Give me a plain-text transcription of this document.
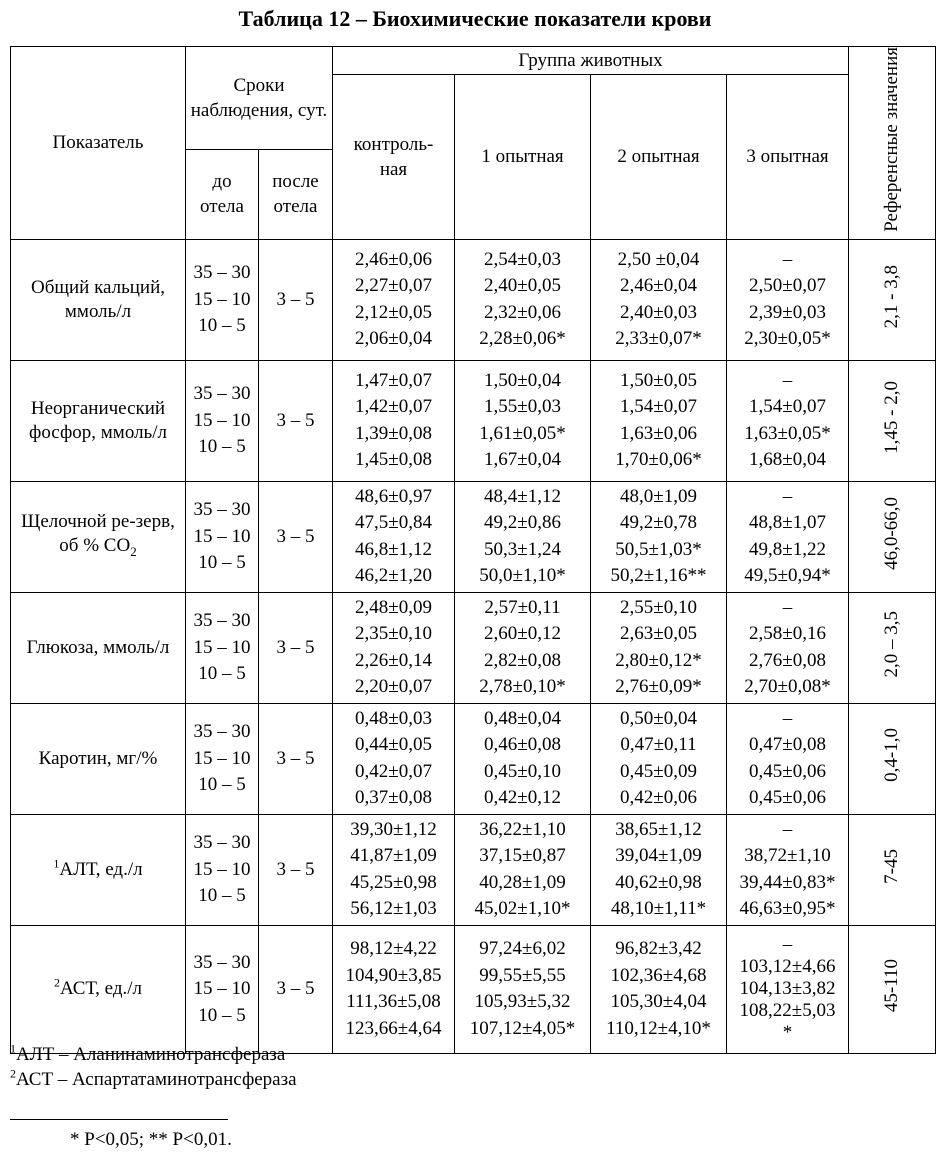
Таблица 12 – Биохимические показатели крови
Показатель	Сроки наблюдения, сут.		Группа животных				Референсные значения
			контроль-ная	1 опытная	2 опытная	3 опытная	
	до отела	после отела					
Общий кальций, ммоль/л	35 – 30
15 – 10
10 – 5	3 – 5	2,46±0,06
2,27±0,07
2,12±0,05
2,06±0,04	2,54±0,03
2,40±0,05
2,32±0,06
2,28±0,06*	2,50 ±0,04
2,46±0,04
2,40±0,03
2,33±0,07*	–
2,50±0,07
2,39±0,03
2,30±0,05*	2,1 - 3,8
Неорганический фосфор, ммоль/л	35 – 30
15 – 10
10 – 5	3 – 5	1,47±0,07
1,42±0,07
1,39±0,08
1,45±0,08	1,50±0,04
1,55±0,03
1,61±0,05*
1,67±0,04	1,50±0,05
1,54±0,07
1,63±0,06
1,70±0,06*	–
1,54±0,07
1,63±0,05*
1,68±0,04	1,45 - 2,0
Щелочной ре-зерв,
об % $CO_2$	35 – 30
15 – 10
10 – 5	3 – 5	48,6±0,97
47,5±0,84
46,8±1,12
46,2±1,20	48,4±1,12
49,2±0,86
50,3±1,24
50,0±1,10*	48,0±1,09
49,2±0,78
50,5±1,03*
50,2±1,16**	–
48,8±1,07
49,8±1,22
49,5±0,94*	46,0-66,0
Глюкоза, ммоль/л	35 – 30
15 – 10
10 – 5	3 – 5	2,48±0,09
2,35±0,10
2,26±0,14
2,20±0,07	2,57±0,11
2,60±0,12
2,82±0,08
2,78±0,10*	2,55±0,10
2,63±0,05
2,80±0,12*
2,76±0,09*	–
2,58±0,16
2,76±0,08
2,70±0,08*	2,0 – 3,5
Каротин, мг/%	35 – 30
15 – 10
10 – 5	3 – 5	0,48±0,03
0,44±0,05
0,42±0,07
0,37±0,08	0,48±0,04
0,46±0,08
0,45±0,10
0,42±0,12	0,50±0,04
0,47±0,11
0,45±0,09
0,42±0,06	–
0,47±0,08
0,45±0,06
0,45±0,06	0,4-1,0
$^1$АЛТ, ед./л	35 – 30
15 – 10
10 – 5	3 – 5	39,30±1,12
41,87±1,09
45,25±0,98
56,12±1,03	36,22±1,10
37,15±0,87
40,28±1,09
45,02±1,10*	38,65±1,12
39,04±1,09
40,62±0,98
48,10±1,11*	–
38,72±1,10
39,44±0,83*
46,63±0,95*	7-45
$^2$АСТ, ед./л	35 – 30
15 – 10
10 – 5	3 – 5	98,12±4,22
104,90±3,85
111,36±5,08
123,66±4,64	97,24±6,02
99,55±5,55
105,93±5,32
107,12±4,05*	96,82±3,42
102,36±4,68
105,30±4,04
110,12±4,10*	–
103,12±4,66
104,13±3,82
108,22±5,03
*	45-110
$^1$АЛТ – Аланинаминотрансфераза
$^2$АСТ – Аспартатаминотрансфераза
* P<0,05; ** P<0,01.
